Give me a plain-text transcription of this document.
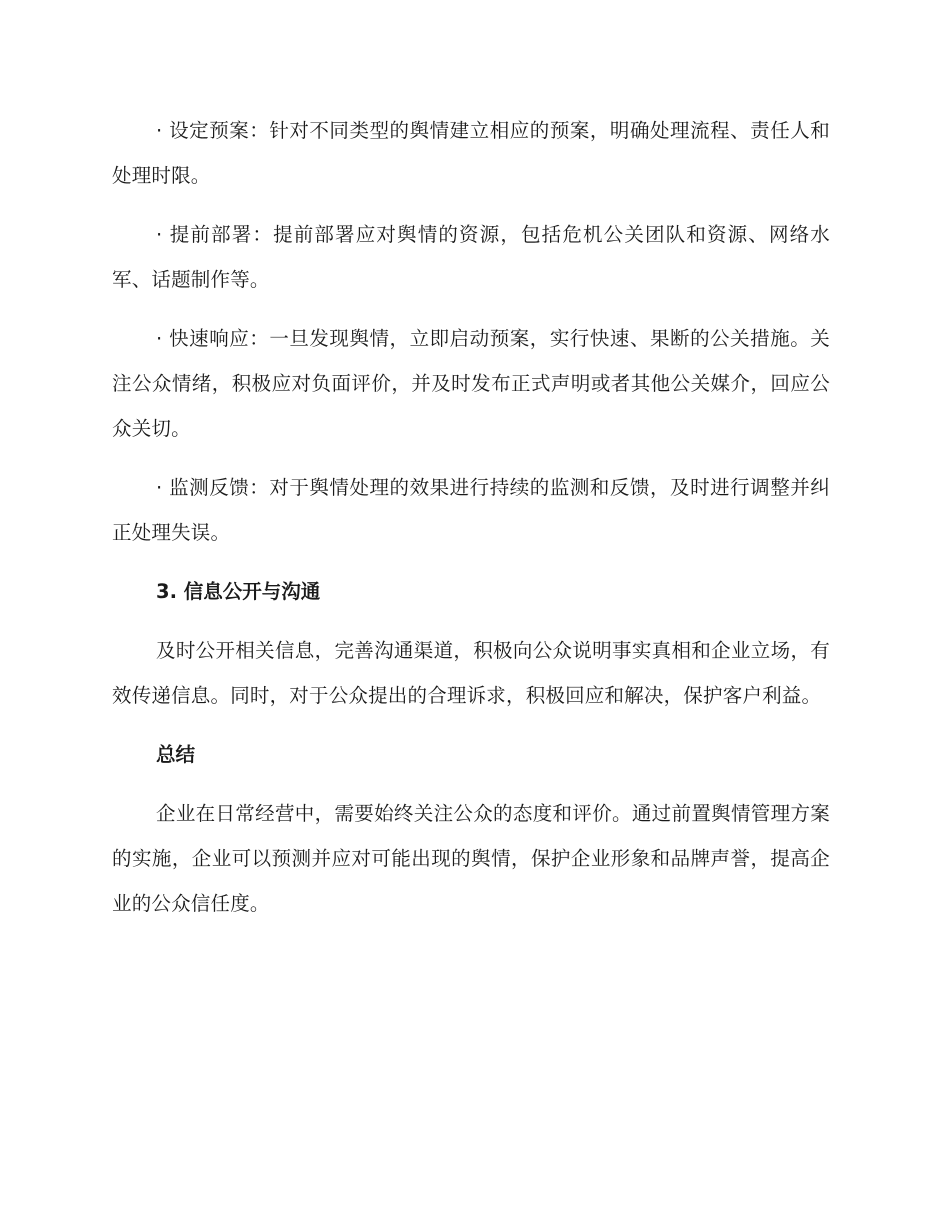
· 设定预案：针对不同类型的舆情建立相应的预案，明确处理流程、责任人和处理时限。

· 提前部署：提前部署应对舆情的资源，包括危机公关团队和资源、网络水军、话题制作等。

· 快速响应：一旦发现舆情，立即启动预案，实行快速、果断的公关措施。关注公众情绪，积极应对负面评价，并及时发布正式声明或者其他公关媒介，回应公众关切。

· 监测反馈：对于舆情处理的效果进行持续的监测和反馈，及时进行调整并纠正处理失误。

3. 信息公开与沟通

及时公开相关信息，完善沟通渠道，积极向公众说明事实真相和企业立场，有效传递信息。同时，对于公众提出的合理诉求，积极回应和解决，保护客户利益。

总结

企业在日常经营中，需要始终关注公众的态度和评价。通过前置舆情管理方案的实施，企业可以预测并应对可能出现的舆情，保护企业形象和品牌声誉，提高企业的公众信任度。
